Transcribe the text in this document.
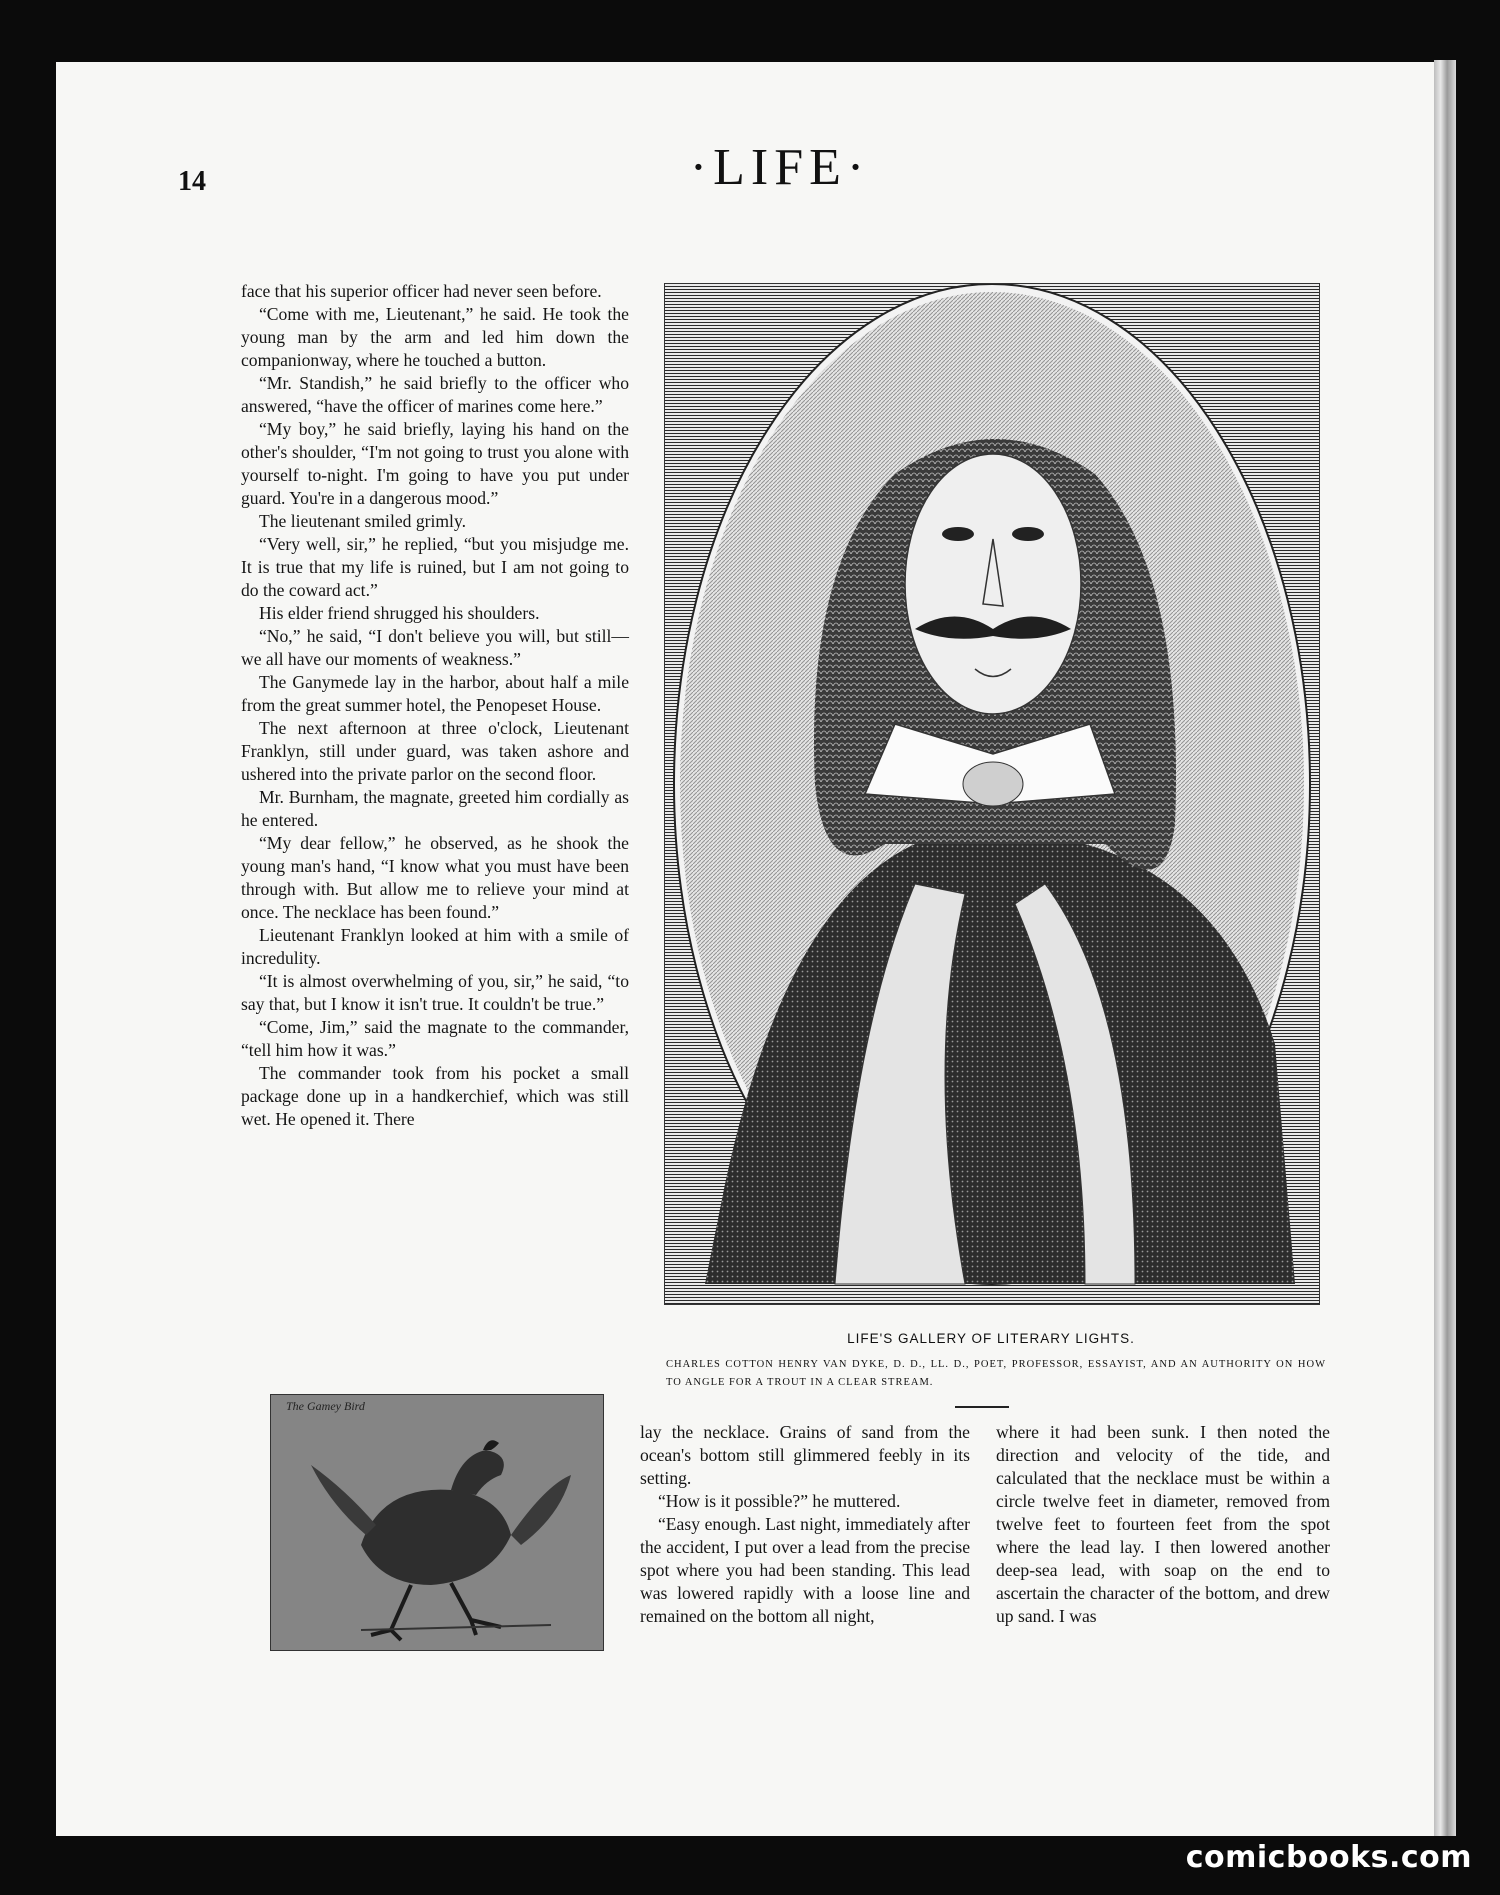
14	·LIFE·

face that his superior officer had never seen before.

“Come with me, Lieutenant,” he said. He took the young man by the arm and led him down the companionway, where he touched a button.

“Mr. Standish,” he said briefly to the officer who answered, “have the officer of marines come here.”

“My boy,” he said briefly, laying his hand on the other's shoulder, “I'm not going to trust you alone with yourself to-night. I'm going to have you put under guard. You're in a dangerous mood.”

The lieutenant smiled grimly.

“Very well, sir,” he replied, “but you misjudge me. It is true that my life is ruined, but I am not going to do the coward act.”

His elder friend shrugged his shoulders.

“No,” he said, “I don't believe you will, but still—we all have our moments of weakness.”

The Ganymede lay in the harbor, about half a mile from the great summer hotel, the Penopeset House.

The next afternoon at three o'clock, Lieutenant Franklyn, still under guard, was taken ashore and ushered into the private parlor on the second floor.

Mr. Burnham, the magnate, greeted him cordially as he entered.

“My dear fellow,” he observed, as he shook the young man's hand, “I know what you must have been through with. But allow me to relieve your mind at once. The necklace has been found.”

Lieutenant Franklyn looked at him with a smile of incredulity.

“It is almost overwhelming of you, sir,” he said, “to say that, but I know it isn't true. It couldn't be true.”

“Come, Jim,” said the magnate to the commander, “tell him how it was.”

The commander took from his pocket a small package done up in a handkerchief, which was still wet. He opened it. There

LIFE'S GALLERY OF LITERARY LIGHTS.
CHARLES COTTON HENRY VAN DYKE, D. D., LL. D., POET, PROFESSOR, ESSAYIST, AND AN AUTHORITY ON HOW TO ANGLE FOR A TROUT IN A CLEAR STREAM.
The Gamey Bird

lay the necklace. Grains of sand from the ocean's bottom still glimmered feebly in its setting.

“How is it possible?” he muttered.

“Easy enough. Last night, immediately after the accident, I put over a lead from the precise spot where you had been standing. This lead was lowered rapidly with a loose line and remained on the bottom all night,

where it had been sunk. I then noted the direction and velocity of the tide, and calculated that the necklace must be within a circle twelve feet in diameter, removed from twelve feet to fourteen feet from the spot where the lead lay. I then lowered another deep-sea lead, with soap on the end to ascertain the character of the bottom, and drew up sand. I was

comicbooks.com
